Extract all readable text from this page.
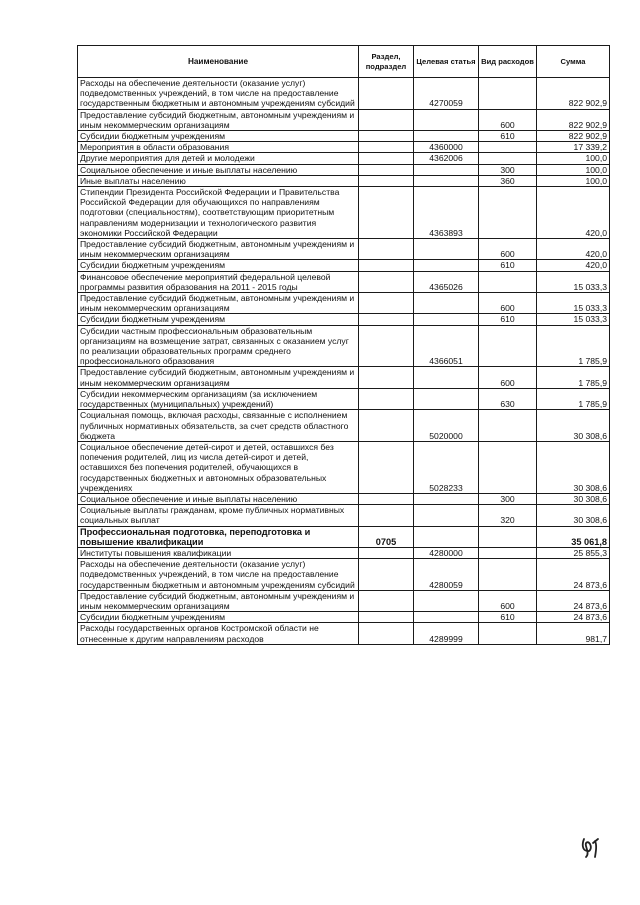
Наименование	Раздел, подраздел	Целевая статья	Вид расходов	Сумма
Расходы на обеспечение деятельности (оказание услуг) подведомственных учреждений, в том числе на предоставление государственным бюджетным и автономным учреждениям субсидий		4270059		822 902,9
Предоставление субсидий бюджетным, автономным учреждениям и иным некоммерческим организациям			600	822 902,9
Субсидии бюджетным учреждениям			610	822 902,9
Мероприятия в области образования		4360000		17 339,2
Другие мероприятия для детей и молодежи		4362006		100,0
Социальное обеспечение и иные выплаты населению			300	100,0
Иные выплаты населению			360	100,0
Стипендии Президента Российской Федерации и Правительства Российской Федерации для обучающихся по направлениям подготовки (специальностям), соответствующим приоритетным направлениям модернизации и технологического развития экономики Российской Федерации		4363893		420,0
Предоставление субсидий бюджетным, автономным учреждениям и иным некоммерческим организациям			600	420,0
Субсидии бюджетным учреждениям			610	420,0
Финансовое обеспечение мероприятий федеральной целевой программы развития образования на 2011 - 2015 годы		4365026		15 033,3
Предоставление субсидий бюджетным, автономным учреждениям и иным некоммерческим организациям			600	15 033,3
Субсидии бюджетным учреждениям			610	15 033,3
Субсидии частным профессиональным образовательным организациям на возмещение затрат, связанных с оказанием услуг по реализации образовательных программ среднего профессионального образования		4366051		1 785,9
Предоставление субсидий бюджетным, автономным учреждениям и иным некоммерческим организациям			600	1 785,9
Субсидии некоммерческим организациям (за исключением государственных (муниципальных) учреждений)			630	1 785,9
Социальная помощь, включая расходы, связанные с исполнением публичных нормативных обязательств, за счет средств областного бюджета		5020000		30 308,6
Социальное обеспечение детей-сирот и детей, оставшихся без попечения родителей, лиц из числа детей-сирот и детей, оставшихся без попечения родителей, обучающихся в государственных бюджетных и автономных образовательных учреждениях		5028233		30 308,6
Социальное обеспечение и иные выплаты населению			300	30 308,6
Социальные выплаты гражданам, кроме публичных нормативных социальных выплат			320	30 308,6
Профессиональная подготовка, переподготовка и повышение квалификации	0705			35 061,8
Институты повышения квалификации		4280000		25 855,3
Расходы на обеспечение деятельности (оказание услуг) подведомственных учреждений, в том числе на предоставление государственным бюджетным и автономным учреждениям субсидий		4280059		24 873,6
Предоставление субсидий бюджетным, автономным учреждениям и иным некоммерческим организациям			600	24 873,6
Субсидии бюджетным учреждениям			610	24 873,6
Расходы государственных органов Костромской области не отнесенные к другим направлениям расходов		4289999		981,7
